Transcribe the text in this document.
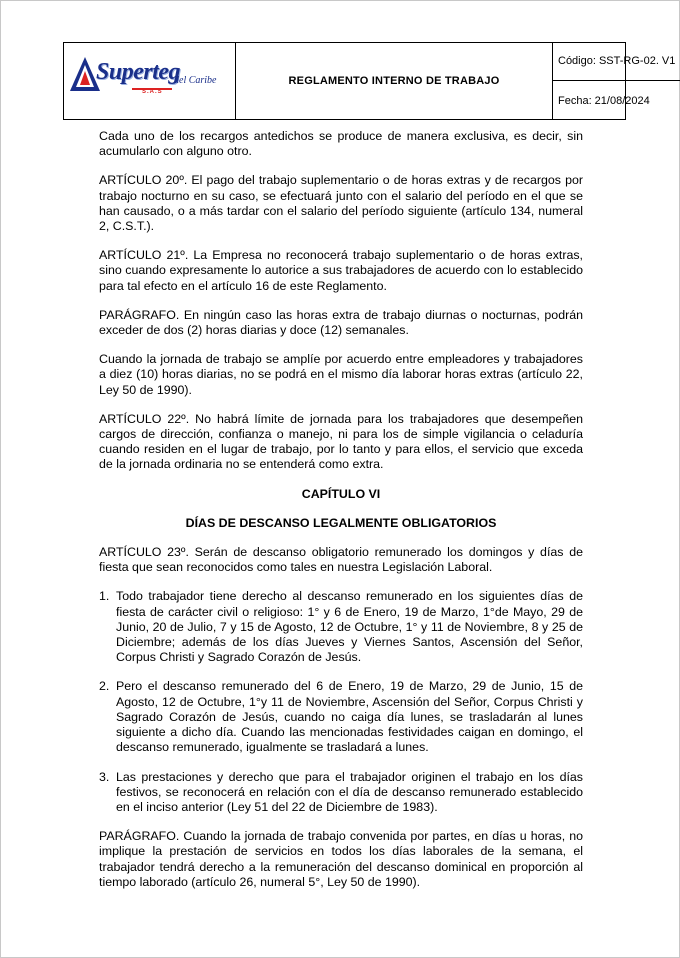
Superteg
del Caribe
S.A.S
REGLAMENTO INTERNO DE TRABAJO
Código: SST-RG-02. V1
Fecha: 21/08/2024

Cada uno de los recargos antedichos se produce de manera exclusiva, es decir, sin acumularlo con alguno otro.

ARTÍCULO 20º. El pago del trabajo suplementario o de horas extras y de recargos por trabajo nocturno en su caso, se efectuará junto con el salario del período en el que se han causado, o a más tardar con el salario del período siguiente (artículo 134, numeral 2, C.S.T.).

ARTÍCULO 21º. La Empresa no reconocerá trabajo suplementario o de horas extras, sino cuando expresamente lo autorice a sus trabajadores de acuerdo con lo establecido para tal efecto en el artículo 16 de este Reglamento.

PARÁGRAFO. En ningún caso las horas extra de trabajo diurnas o nocturnas, podrán exceder de dos (2) horas diarias y doce (12) semanales.

Cuando la jornada de trabajo se amplíe por acuerdo entre empleadores y trabajadores a diez (10) horas diarias, no se podrá en el mismo día laborar horas extras (artículo 22, Ley 50 de 1990).

ARTÍCULO 22º. No habrá límite de jornada para los trabajadores que desempeñen cargos de dirección, confianza o manejo, ni para los de simple vigilancia o celaduría cuando residen en el lugar de trabajo, por lo tanto y para ellos, el servicio que exceda de la jornada ordinaria no se entenderá como extra.

CAPÍTULO VI
DÍAS DE DESCANSO LEGALMENTE OBLIGATORIOS

ARTÍCULO 23º. Serán de descanso obligatorio remunerado los domingos y días de fiesta que sean reconocidos como tales en nuestra Legislación Laboral.

1. Todo trabajador tiene derecho al descanso remunerado en los siguientes días de fiesta de carácter civil o religioso: 1° y 6 de Enero, 19 de Marzo, 1°de Mayo, 29 de Junio, 20 de Julio, 7 y 15 de Agosto, 12 de Octubre, 1° y 11 de Noviembre, 8 y 25 de Diciembre; además de los días Jueves y Viernes Santos, Ascensión del Señor, Corpus Christi y Sagrado Corazón de Jesús.
2. Pero el descanso remunerado del 6 de Enero, 19 de Marzo, 29 de Junio, 15 de Agosto, 12 de Octubre, 1°y 11 de Noviembre, Ascensión del Señor, Corpus Christi y Sagrado Corazón de Jesús, cuando no caiga día lunes, se trasladarán al lunes siguiente a dicho día. Cuando las mencionadas festividades caigan en domingo, el descanso remunerado, igualmente se trasladará a lunes.
3. Las prestaciones y derecho que para el trabajador originen el trabajo en los días festivos, se reconocerá en relación con el día de descanso remunerado establecido en el inciso anterior (Ley 51 del 22 de Diciembre de 1983).

PARÁGRAFO. Cuando la jornada de trabajo convenida por partes, en días u horas, no implique la prestación de servicios en todos los días laborales de la semana, el trabajador tendrá derecho a la remuneración del descanso dominical en proporción al tiempo laborado (artículo 26, numeral 5°, Ley 50 de 1990).
